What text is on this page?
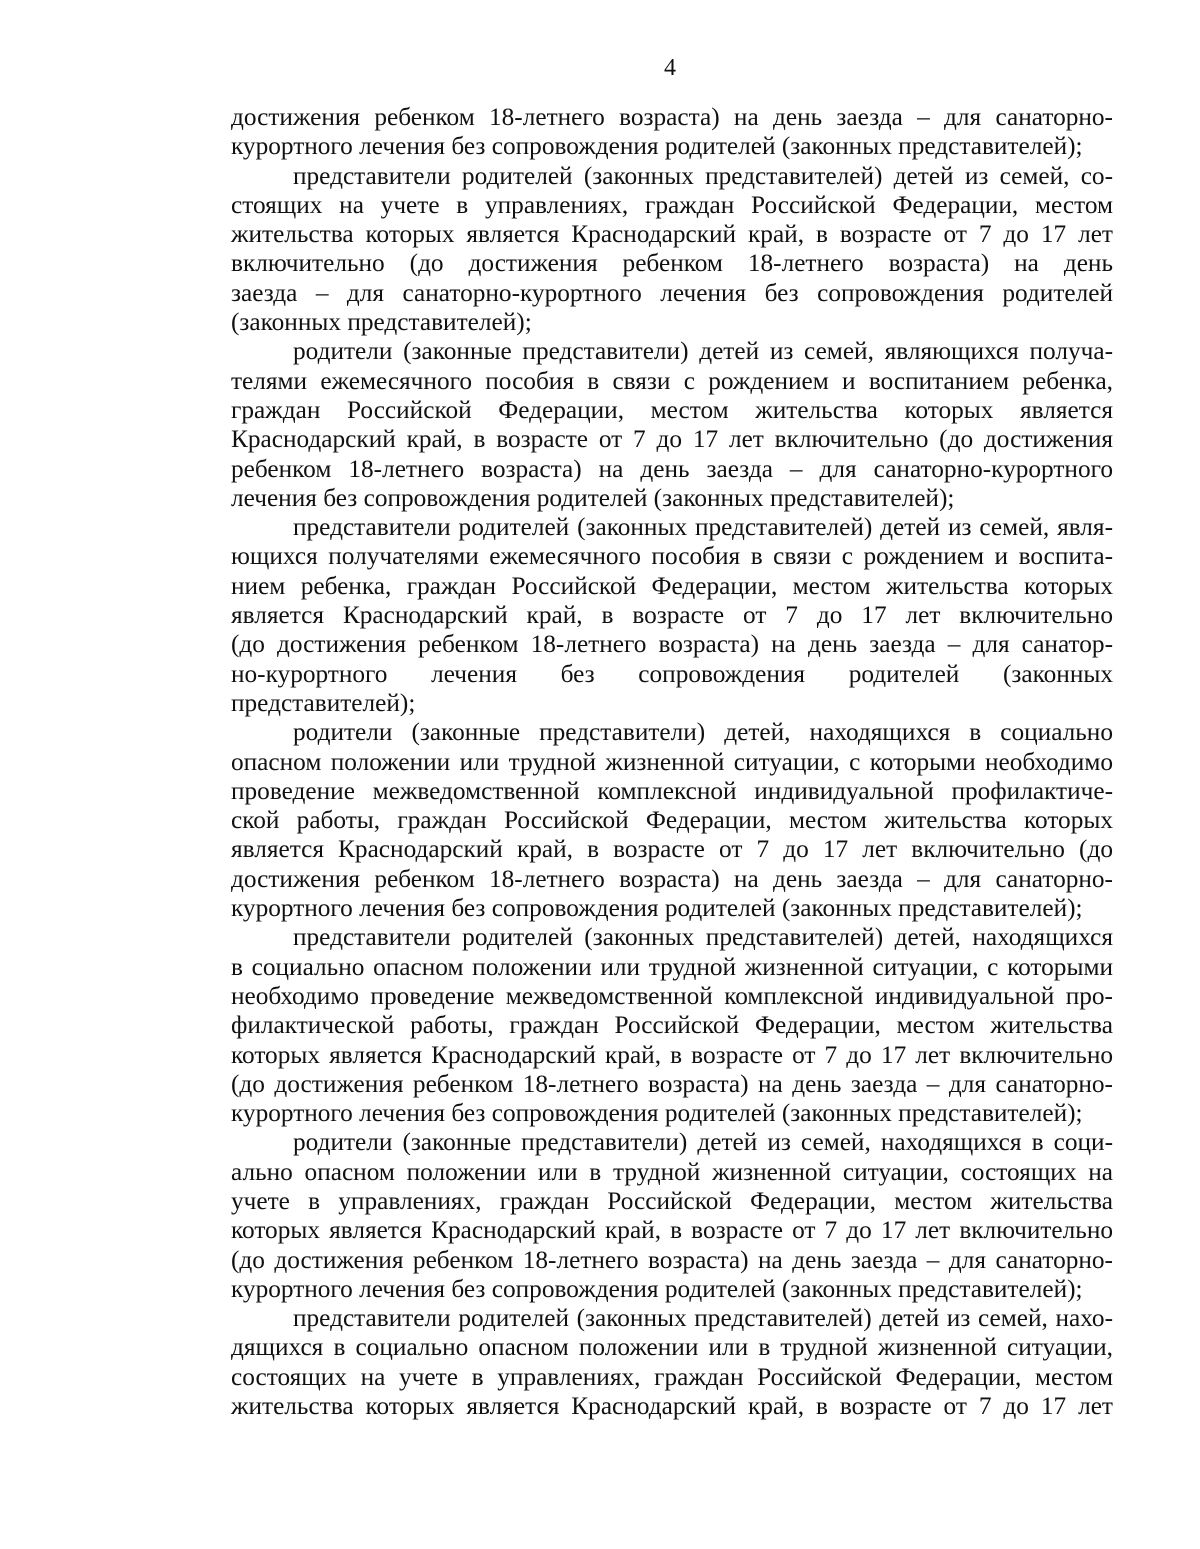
4
достижения ребенком 18-летнего возраста) на день заезда – для санаторно-
курортного лечения без сопровождения родителей (законных представителей);
представители родителей (законных представителей) детей из семей, со-
стоящих на учете в управлениях, граждан Российской Федерации, местом
жительства которых является Краснодарский край, в возрасте от 7 до 17 лет
включительно (до достижения ребенком 18-летнего возраста) на день
заезда – для санаторно-курортного лечения без сопровождения родителей
(законных представителей);
родители (законные представители) детей из семей, являющихся получа-
телями ежемесячного пособия в связи с рождением и воспитанием ребенка,
граждан Российской Федерации, местом жительства которых является
Краснодарский край, в возрасте от 7 до 17 лет включительно (до достижения
ребенком 18-летнего возраста) на день заезда – для санаторно-курортного
лечения без сопровождения родителей (законных представителей);
представители родителей (законных представителей) детей из семей, явля-
ющихся получателями ежемесячного пособия в связи с рождением и воспита-
нием ребенка, граждан Российской Федерации, местом жительства которых
является Краснодарский край, в возрасте от 7 до 17 лет включительно
(до достижения ребенком 18-летнего возраста) на день заезда – для санатор-
но-курортного лечения без сопровождения родителей (законных
представителей);
родители (законные представители) детей, находящихся в социально
опасном положении или трудной жизненной ситуации, с которыми необходимо
проведение межведомственной комплексной индивидуальной профилактиче-
ской работы, граждан Российской Федерации, местом жительства которых
является Краснодарский край, в возрасте от 7 до 17 лет включительно (до
достижения ребенком 18-летнего возраста) на день заезда – для санаторно-
курортного лечения без сопровождения родителей (законных представителей);
представители родителей (законных представителей) детей, находящихся
в социально опасном положении или трудной жизненной ситуации, с которыми
необходимо проведение межведомственной комплексной индивидуальной про-
филактической работы, граждан Российской Федерации, местом жительства
которых является Краснодарский край, в возрасте от 7 до 17 лет включительно
(до достижения ребенком 18-летнего возраста) на день заезда – для санаторно-
курортного лечения без сопровождения родителей (законных представителей);
родители (законные представители) детей из семей, находящихся в соци-
ально опасном положении или в трудной жизненной ситуации, состоящих на
учете в управлениях, граждан Российской Федерации, местом жительства
которых является Краснодарский край, в возрасте от 7 до 17 лет включительно
(до достижения ребенком 18-летнего возраста) на день заезда – для санаторно-
курортного лечения без сопровождения родителей (законных представителей);
представители родителей (законных представителей) детей из семей, нахо-
дящихся в социально опасном положении или в трудной жизненной ситуации,
состоящих на учете в управлениях, граждан Российской Федерации, местом
жительства которых является Краснодарский край, в возрасте от 7 до 17 лет
